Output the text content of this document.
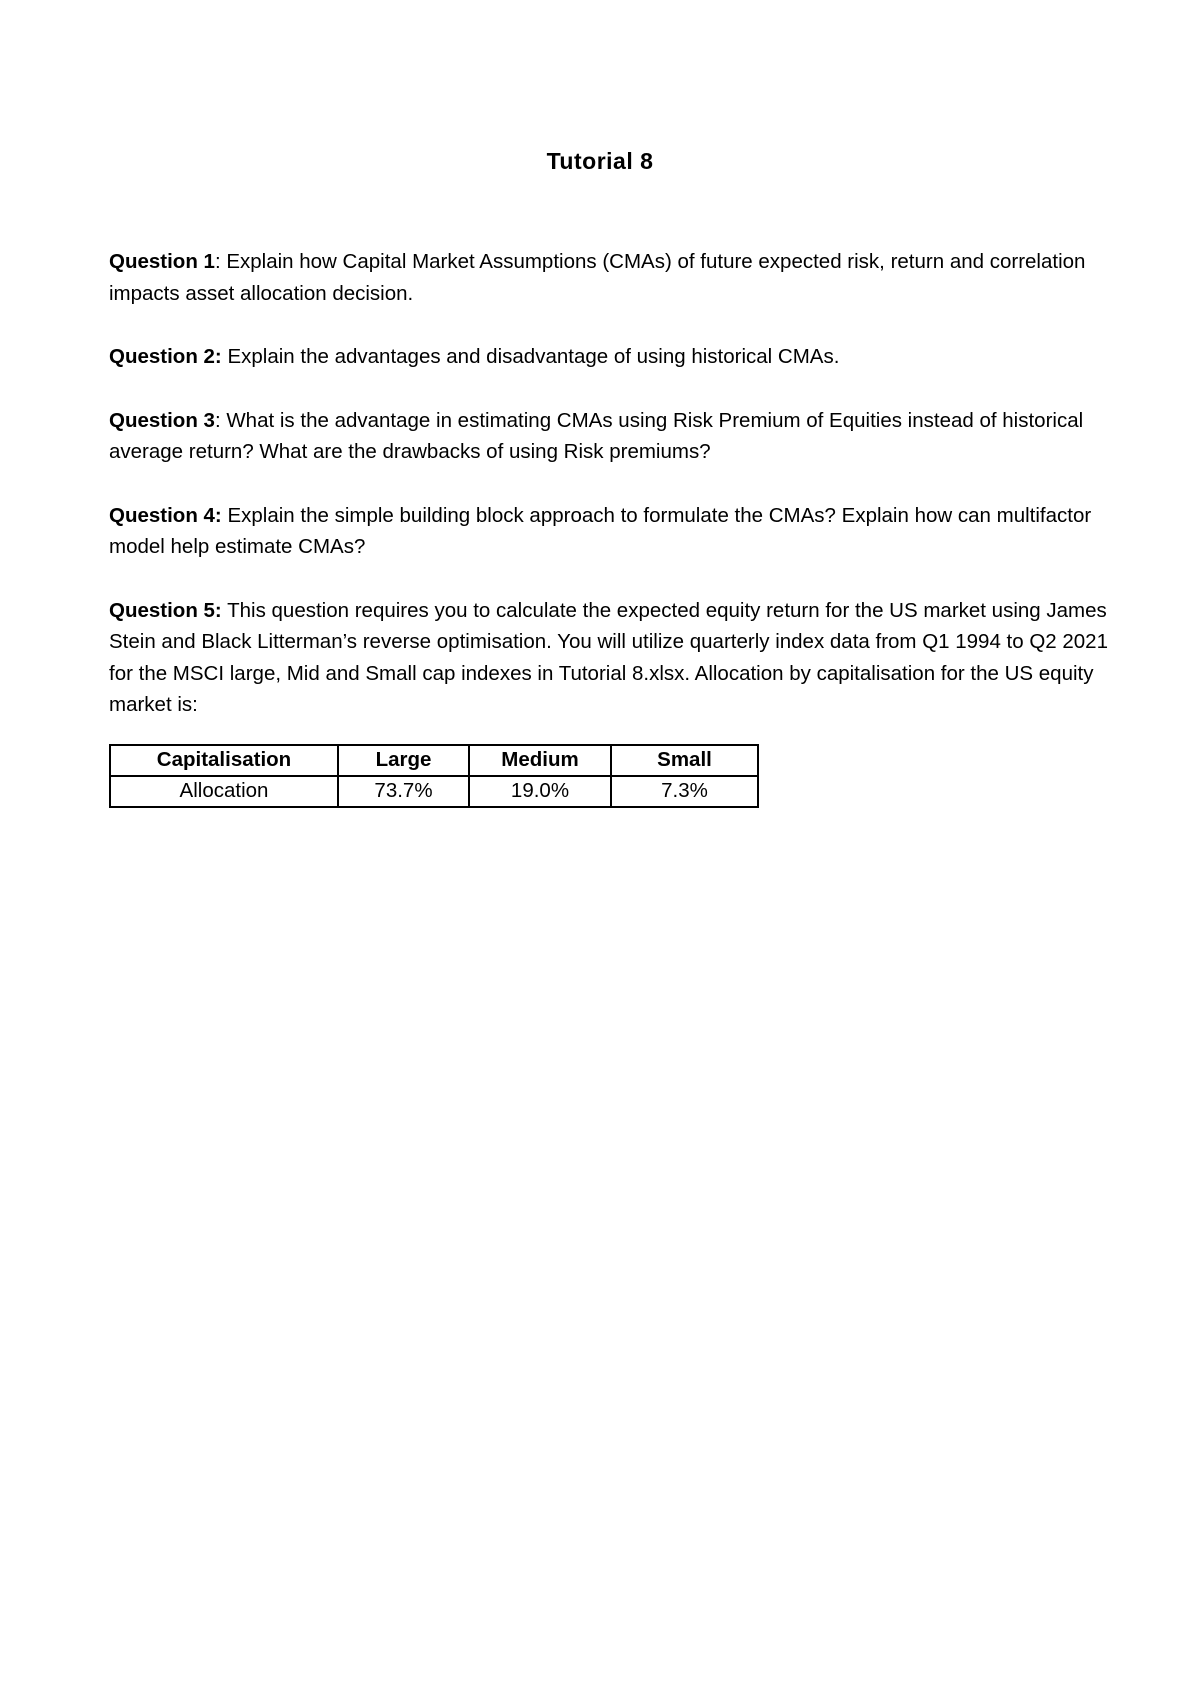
Tutorial 8

Question 1: Explain how Capital Market Assumptions (CMAs) of future expected risk, return and correlation impacts asset allocation decision.

Question 2: Explain the advantages and disadvantage of using historical CMAs.

Question 3: What is the advantage in estimating CMAs using Risk Premium of Equities instead of historical average return? What are the drawbacks of using Risk premiums?

Question 4: Explain the simple building block approach to formulate the CMAs? Explain how can multifactor model help estimate CMAs?

Question 5: This question requires you to calculate the expected equity return for the US market using James Stein and Black Litterman’s reverse optimisation. You will utilize quarterly index data from Q1 1994 to Q2 2021 for the MSCI large, Mid and Small cap indexes in Tutorial 8.xlsx. Allocation by capitalisation for the US equity market is:

Capitalisation	Large	Medium	Small
Allocation	73.7%	19.0%	7.3%
